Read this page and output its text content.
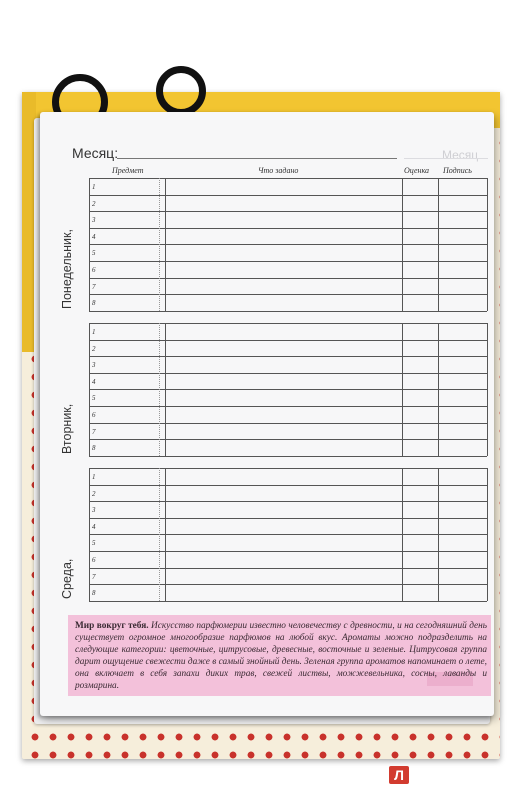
Месяц:	Месяц
Предмет	Что задано	Оценка Подпись
1
2
3
4
5
6
7
8
Понедельник,
1
2
3
4
5
6
7
8
Вторник,
1
2
3
4
5
6
7
8
Среда,
Мир вокруг тебя. Искусство парфюмерии известно человечеству с древности, и на сегодняшний день существует огромное многообразие парфюмов на любой вкус. Ароматы можно подразделить на следующие категории: цветочные, цитрусовые, древесные, восточные и зеленые. Цитрусовая группа дарит ощущение свежести даже в самый знойный день. Зеленая группа ароматов напоминает о лете, она включает в себя запахи диких трав, свежей листвы, можжевельника, сосны, лаванды и розмарина.
Л
